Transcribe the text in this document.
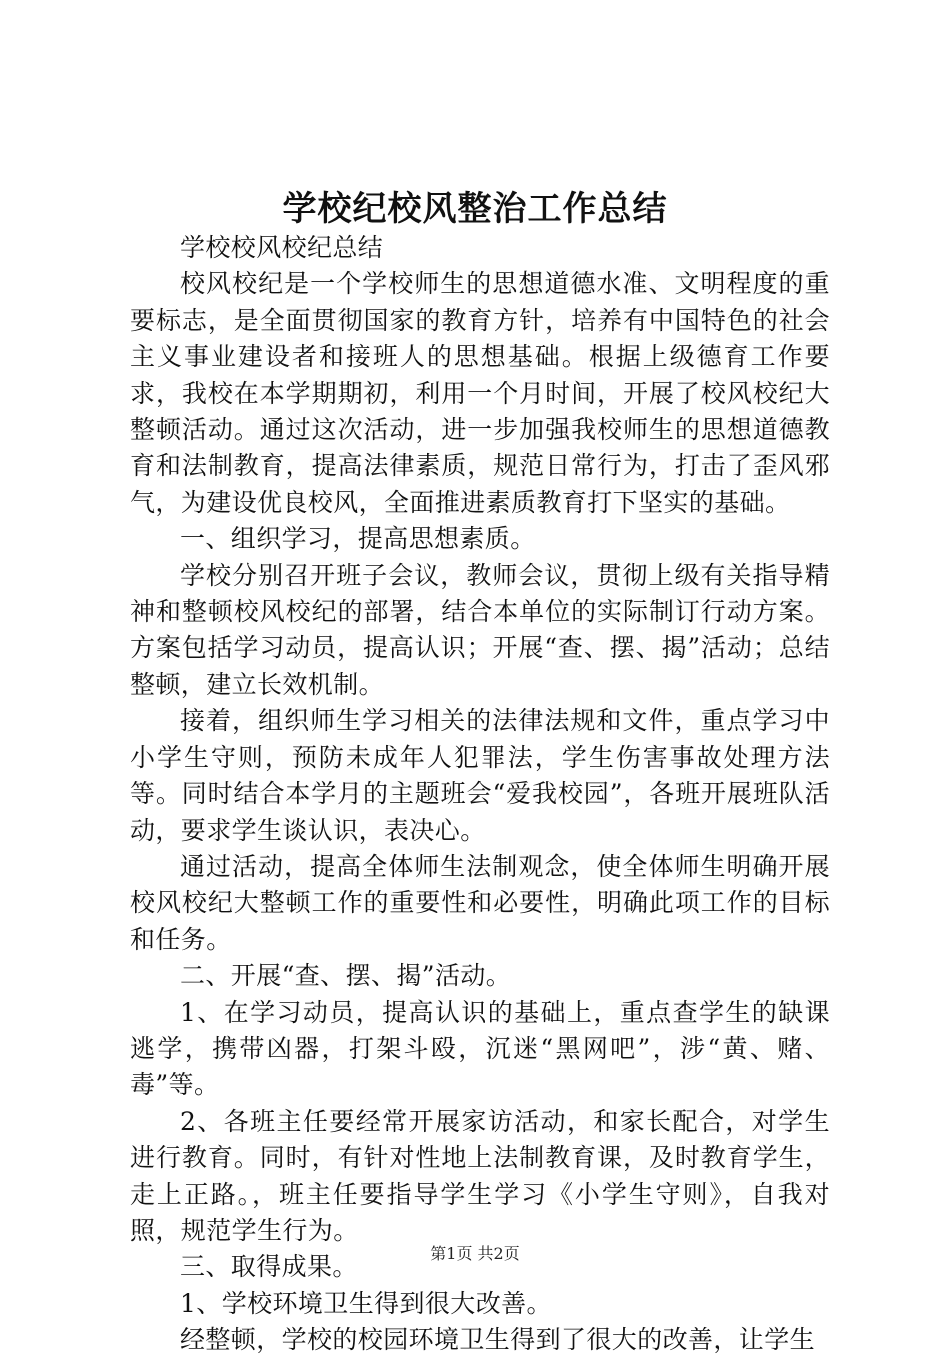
学校纪校风整治工作总结

学校校风校纪总结

校风校纪是一个学校师生的思想道德水准、文明程度的重要标志，是全面贯彻国家的教育方针，培养有中国特色的社会主义事业建设者和接班人的思想基础。根据上级德育工作要求，我校在本学期期初，利用一个月时间，开展了校风校纪大整顿活动。通过这次活动，进一步加强我校师生的思想道德教育和法制教育，提高法律素质，规范日常行为，打击了歪风邪气，为建设优良校风，全面推进素质教育打下坚实的基础。

一、组织学习，提高思想素质。

学校分别召开班子会议，教师会议，贯彻上级有关指导精神和整顿校风校纪的部署，结合本单位的实际制订行动方案。方案包括学习动员，提高认识；开展“查、摆、揭”活动；总结整顿，建立长效机制。

接着，组织师生学习相关的法律法规和文件，重点学习中小学生守则，预防未成年人犯罪法，学生伤害事故处理方法等。同时结合本学月的主题班会“爱我校园”，各班开展班队活动，要求学生谈认识，表决心。

通过活动，提高全体师生法制观念，使全体师生明确开展校风校纪大整顿工作的重要性和必要性，明确此项工作的目标和任务。

二、开展“查、摆、揭”活动。

1、在学习动员，提高认识的基础上，重点查学生的缺课逃学，携带凶器，打架斗殴，沉迷“黑网吧”，涉“黄、赌、毒”等。

2、各班主任要经常开展家访活动，和家长配合，对学生进行教育。同时，有针对性地上法制教育课，及时教育学生，走上正路。，班主任要指导学生学习《小学生守则》，自我对照，规范学生行为。

三、取得成果。

1、学校环境卫生得到很大改善。

经整顿，学校的校园环境卫生得到了很大的改善，让学生

第1页 共2页
